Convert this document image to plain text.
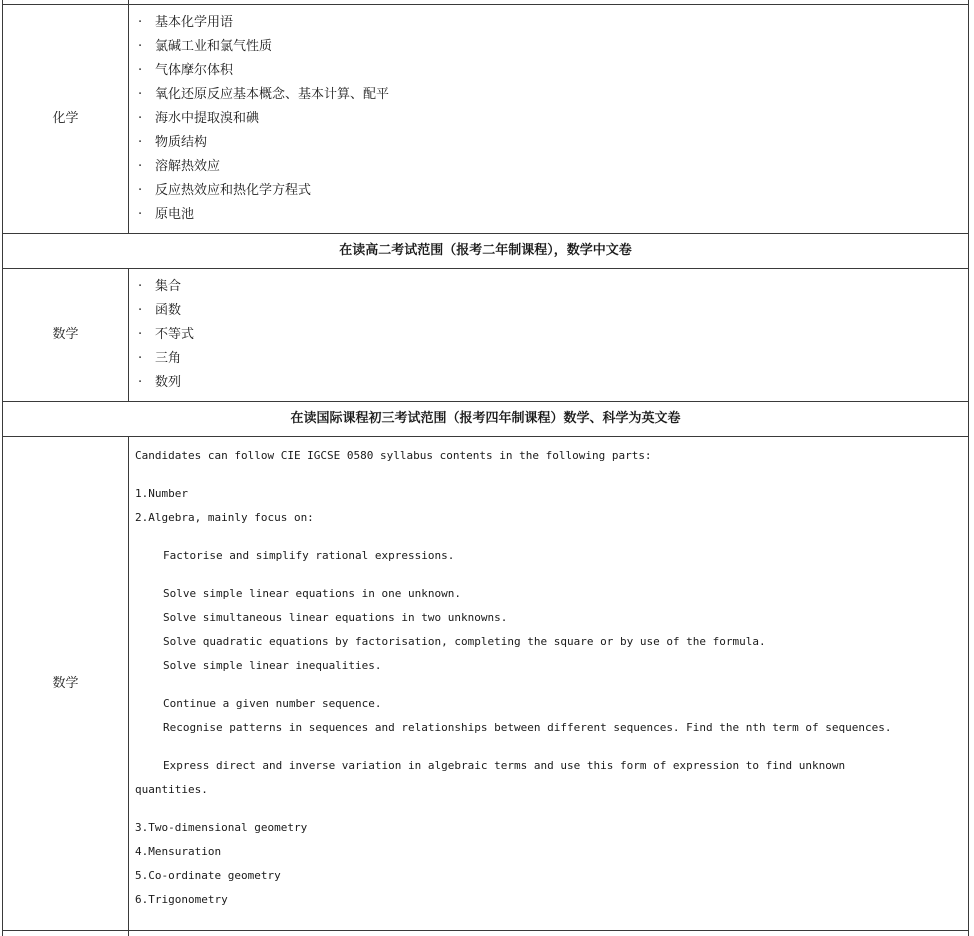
化学
· 基本化学用语
· 氯碱工业和氯气性质
· 气体摩尔体积
· 氧化还原反应基本概念、基本计算、配平
· 海水中提取溴和碘
· 物质结构
· 溶解热效应
· 反应热效应和热化学方程式
· 原电池
在读高二考试范围（报考二年制课程），数学中文卷
数学
· 集合
· 函数
· 不等式
· 三角
· 数列
在读国际课程初三考试范围（报考四年制课程）数学、科学为英文卷
数学
Candidates can follow CIE IGCSE 0580 syllabus contents in the following parts:
1.Number
2.Algebra, mainly focus on:
Factorise and simplify rational expressions.
Solve simple linear equations in one unknown.
Solve simultaneous linear equations in two unknowns.
Solve quadratic equations by factorisation, completing the square or by use of the formula.
Solve simple linear inequalities.
Continue a given number sequence.
Recognise patterns in sequences and relationships between different sequences. Find the nth term of sequences.
Express direct and inverse variation in algebraic terms and use this form of expression to find unknown
quantities.
3.Two-dimensional geometry
4.Mensuration
5.Co-ordinate geometry
6.Trigonometry
